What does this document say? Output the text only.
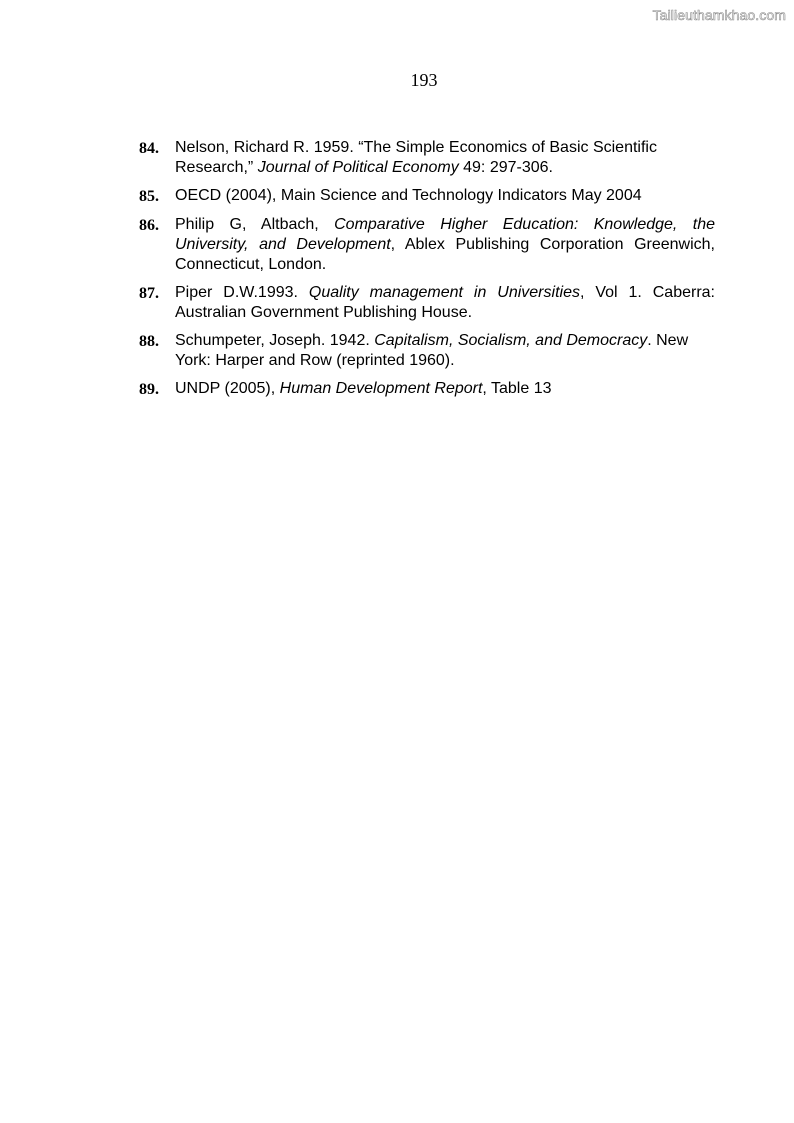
Tailieuthamkhao.com
193
84.	Nelson, Richard R. 1959. “The Simple Economics of Basic Scientific Research,” Journal of Political Economy 49: 297-306.
85.	OECD (2004), Main Science and Technology Indicators May 2004
86.	Philip G, Altbach, Comparative Higher Education: Knowledge, the University, and Development, Ablex Publishing Corporation Greenwich, Connecticut, London.
87.	Piper D.W.1993. Quality management in Universities, Vol 1. Caberra: Australian Government Publishing House.
88.	Schumpeter, Joseph. 1942. Capitalism, Socialism, and Democracy. New York: Harper and Row (reprinted 1960).
89.	UNDP (2005), Human Development Report, Table 13
